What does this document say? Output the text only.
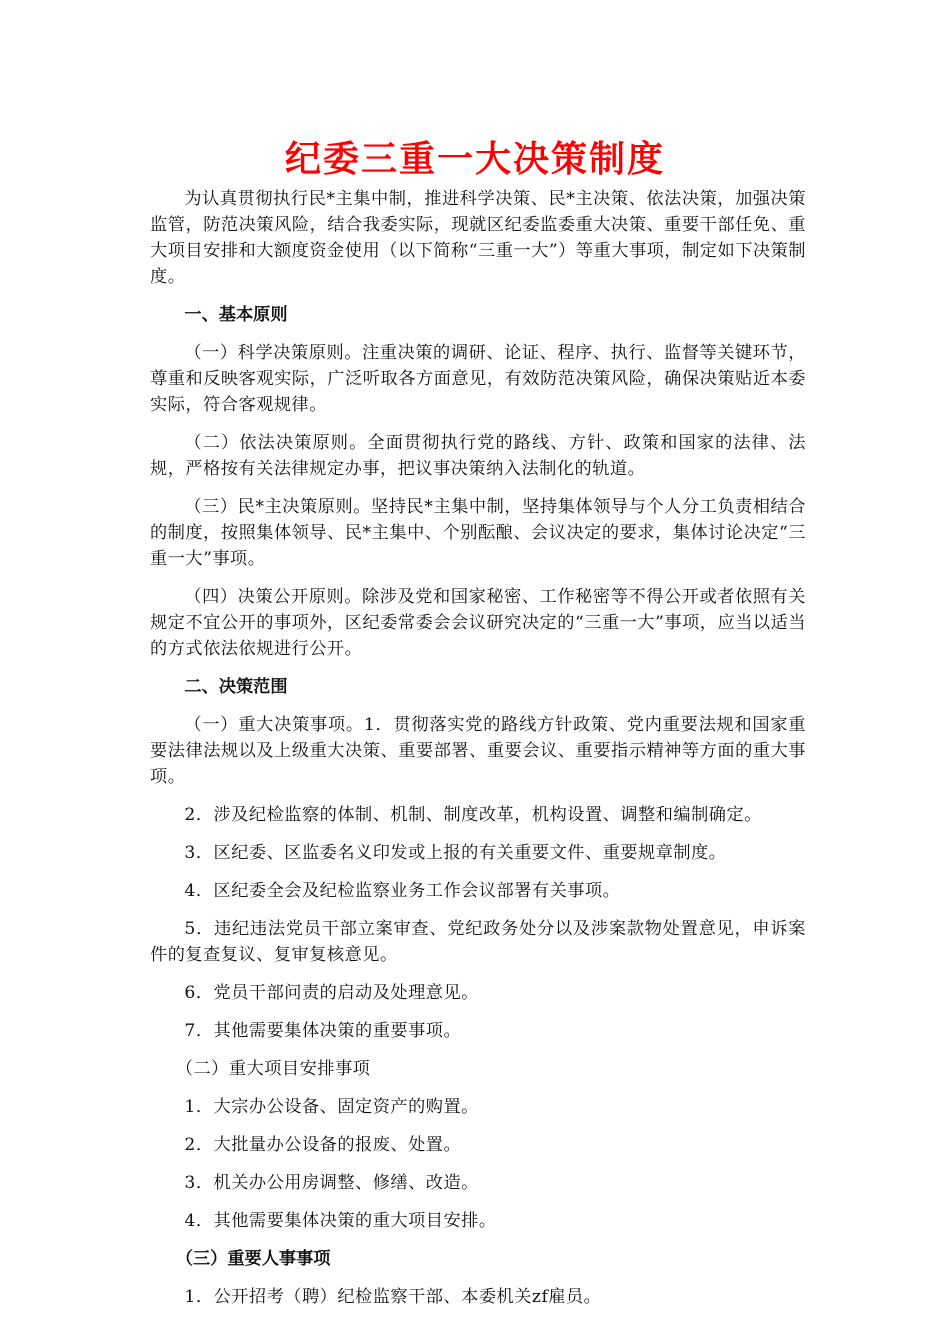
纪委三重一大决策制度

为认真贯彻执行民*主集中制，推进科学决策、民*主决策、依法决策，加强决策监管，防范决策风险，结合我委实际，现就区纪委监委重大决策、重要干部任免、重大项目安排和大额度资金使用（以下简称“三重一大”）等重大事项，制定如下决策制度。

一、基本原则

（一）科学决策原则。注重决策的调研、论证、程序、执行、监督等关键环节，尊重和反映客观实际，广泛听取各方面意见，有效防范决策风险，确保决策贴近本委实际，符合客观规律。

（二）依法决策原则。全面贯彻执行党的路线、方针、政策和国家的法律、法规，严格按有关法律规定办事，把议事决策纳入法制化的轨道。

（三）民*主决策原则。坚持民*主集中制，坚持集体领导与个人分工负责相结合的制度，按照集体领导、民*主集中、个别酝酿、会议决定的要求，集体讨论决定“三重一大”事项。

（四）决策公开原则。除涉及党和国家秘密、工作秘密等不得公开或者依照有关规定不宜公开的事项外，区纪委常委会会议研究决定的“三重一大”事项，应当以适当的方式依法依规进行公开。

二、决策范围

（一）重大决策事项。1．贯彻落实党的路线方针政策、党内重要法规和国家重要法律法规以及上级重大决策、重要部署、重要会议、重要指示精神等方面的重大事项。

2．涉及纪检监察的体制、机制、制度改革，机构设置、调整和编制确定。

3．区纪委、区监委名义印发或上报的有关重要文件、重要规章制度。

4．区纪委全会及纪检监察业务工作会议部署有关事项。

5．违纪违法党员干部立案审查、党纪政务处分以及涉案款物处置意见，申诉案件的复查复议、复审复核意见。

6．党员干部问责的启动及处理意见。

7．其他需要集体决策的重要事项。

（二）重大项目安排事项

1．大宗办公设备、固定资产的购置。

2．大批量办公设备的报废、处置。

3．机关办公用房调整、修缮、改造。

4．其他需要集体决策的重大项目安排。

（三）重要人事事项

1．公开招考（聘）纪检监察干部、本委机关zf雇员。
